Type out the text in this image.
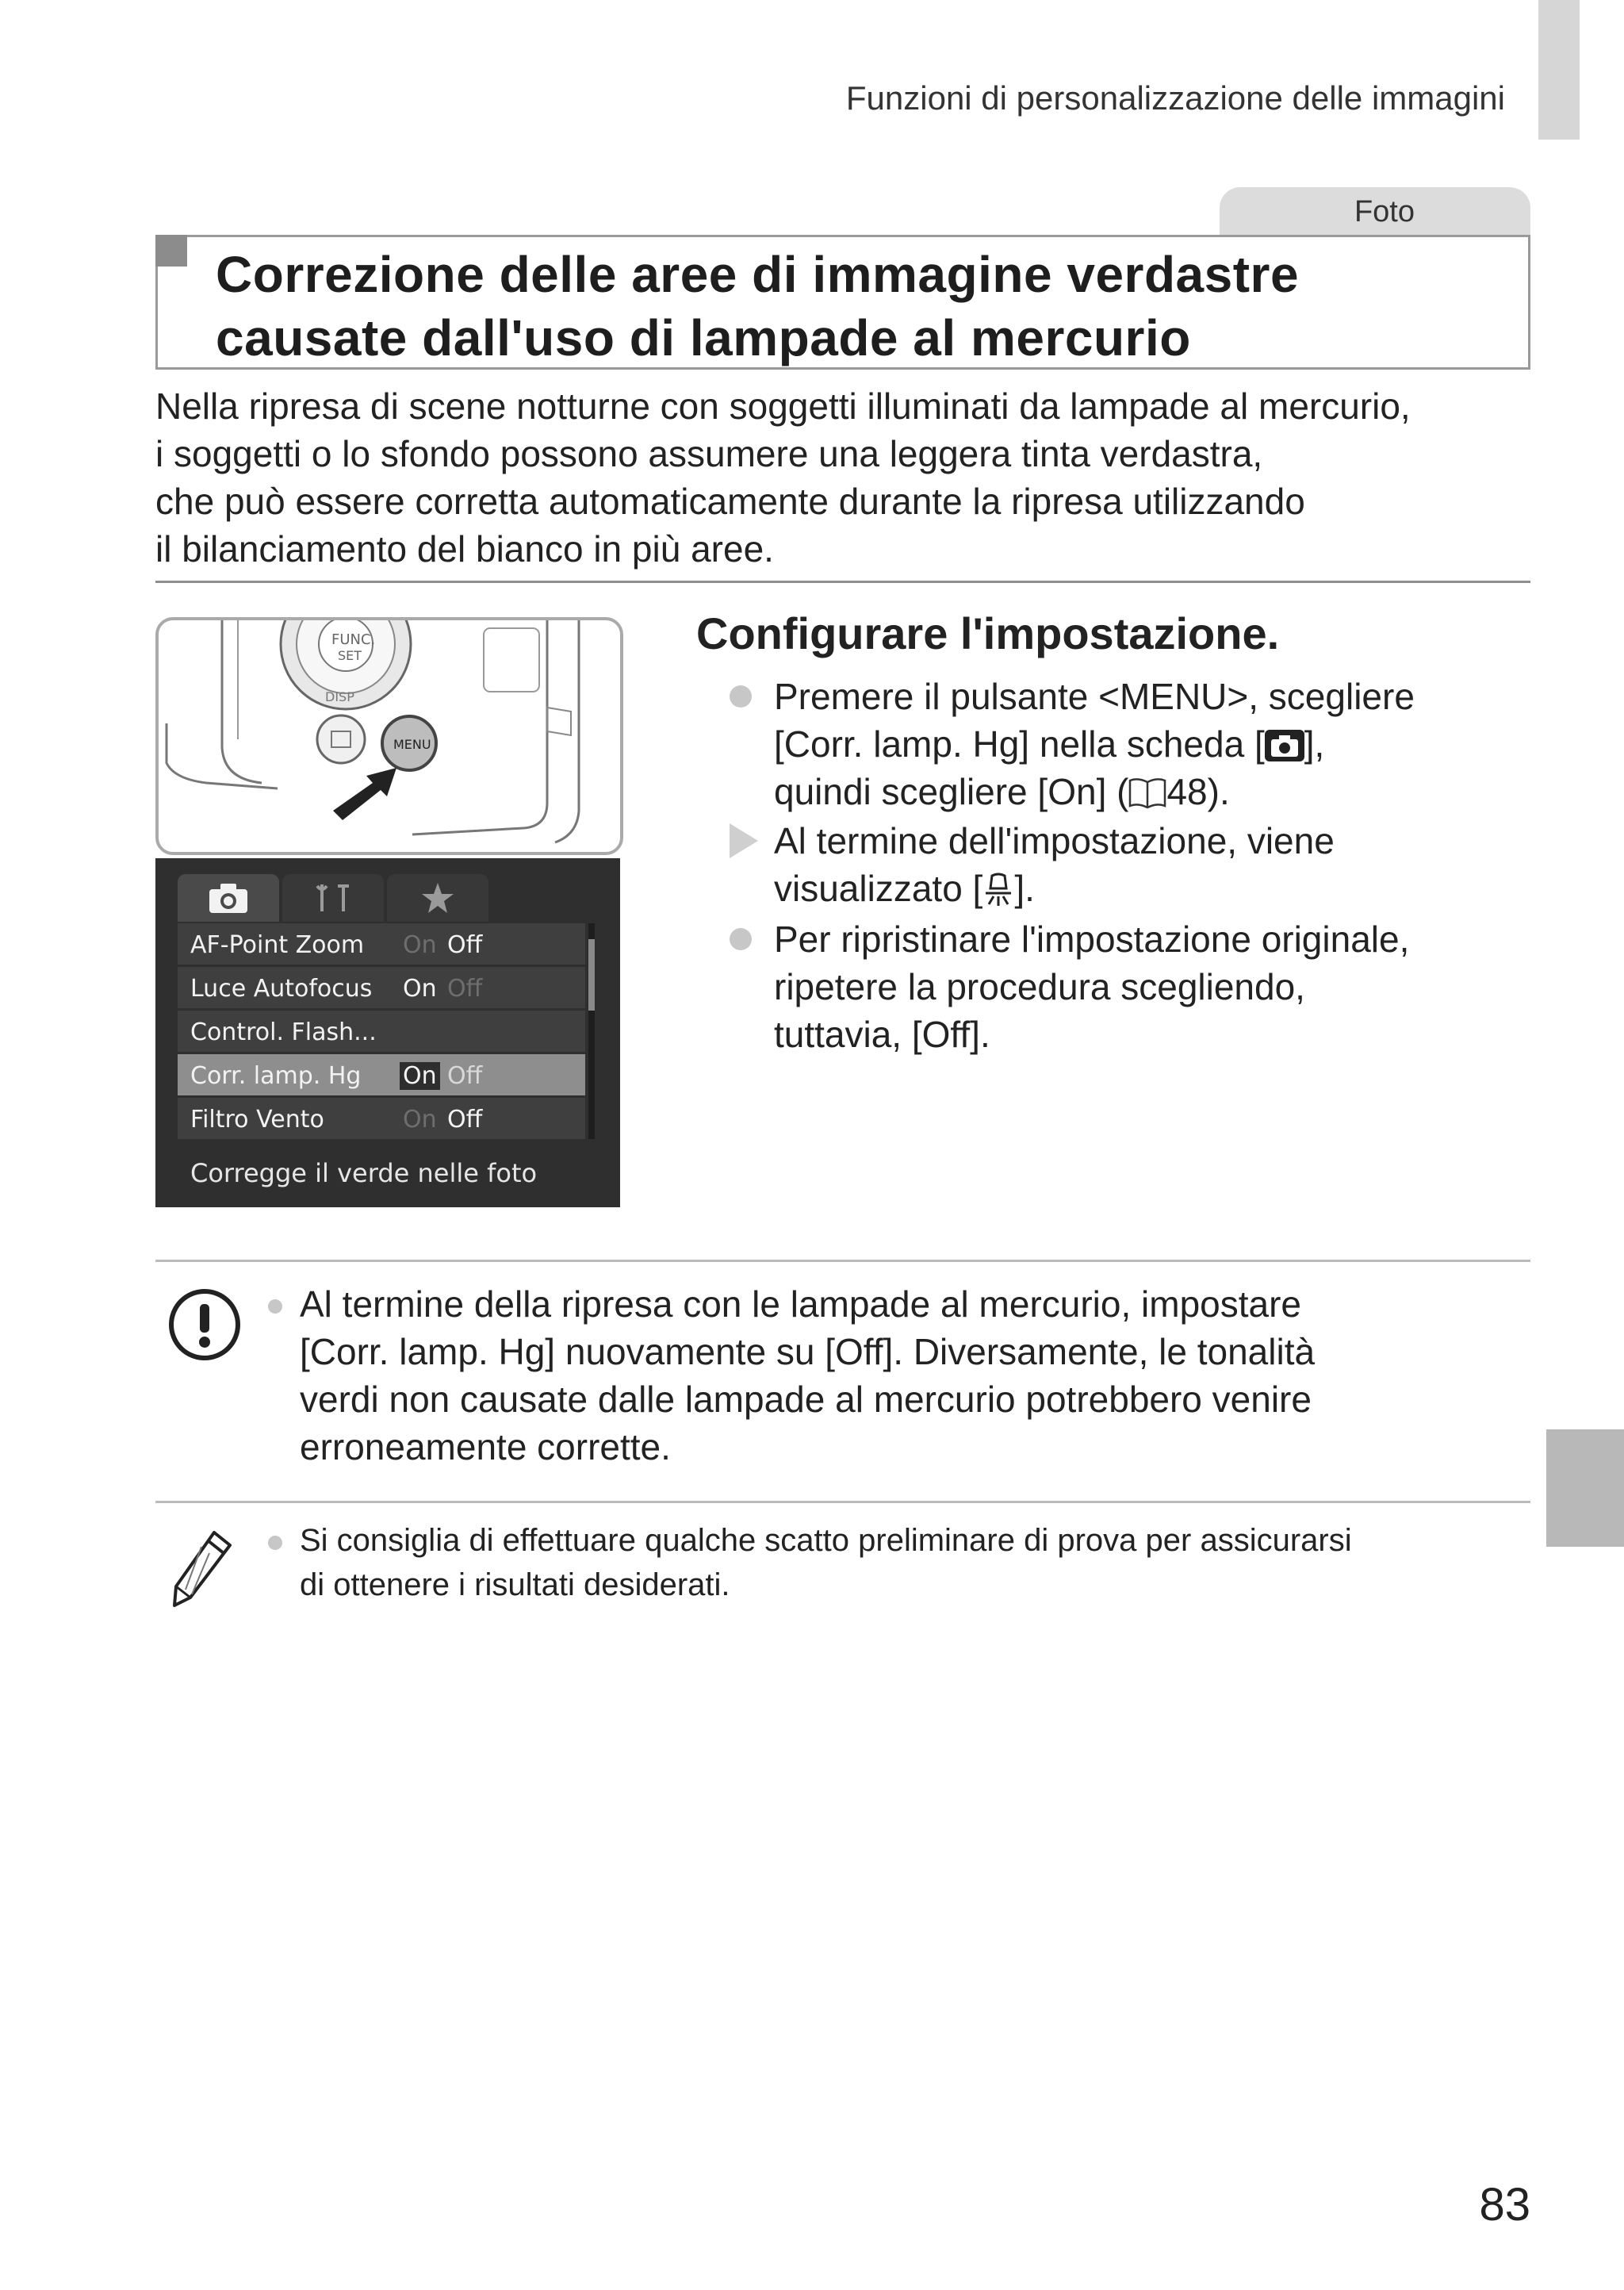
Funzioni di personalizzazione delle immagini
Foto
Correzione delle aree di immagine verdastre
causate dall'uso di lampade al mercurio
Nella ripresa di scene notturne con soggetti illuminati da lampade al mercurio,
i soggetti o lo sfondo possono assumere una leggera tinta verdastra,
che può essere corretta automaticamente durante la ripresa utilizzando
il bilanciamento del bianco in più aree.
FUNC.
SET
DISP
MENU
AF-Point Zoom On Off
Luce Autofocus On Off
Control. Flash...
Corr. lamp. Hg On Off
Filtro Vento	On Off
Corregge il verde nelle foto
Configurare l'impostazione.
Premere il pulsante <MENU>, scegliere
[Corr. lamp. Hg] nella scheda [ ],
quindi scegliere [On] ( 48).
Al termine dell'impostazione, viene
visualizzato [ ].
Per ripristinare l'impostazione originale,
ripetere la procedura scegliendo,
tuttavia, [Off].
Al termine della ripresa con le lampade al mercurio, impostare
[Corr. lamp. Hg] nuovamente su [Off]. Diversamente, le tonalità
verdi non causate dalle lampade al mercurio potrebbero venire
erroneamente corrette.
Si consiglia di effettuare qualche scatto preliminare di prova per assicurarsi
di ottenere i risultati desiderati.
83
